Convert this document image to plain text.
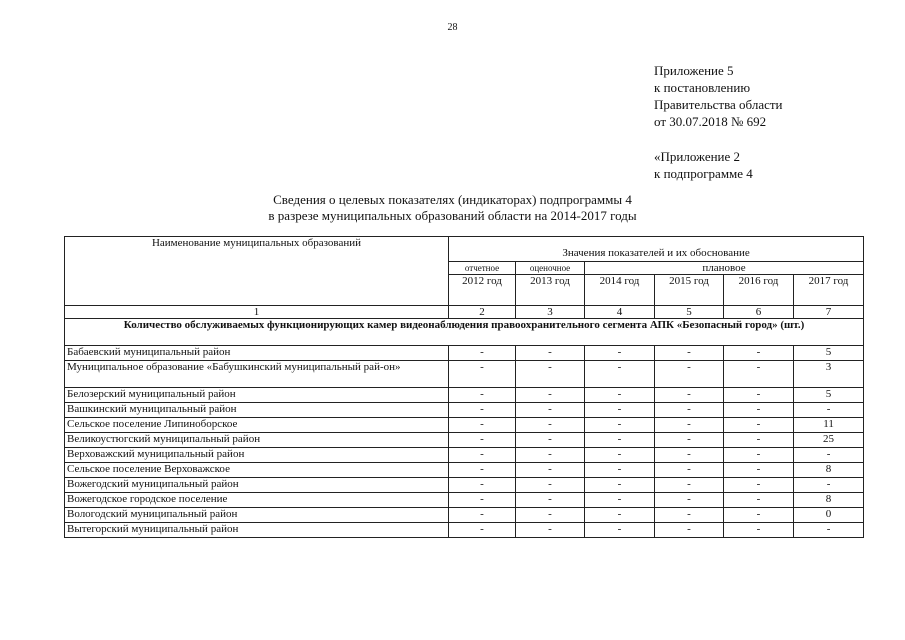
28
Приложение 5
к постановлению
Правительства области
от 30.07.2018 № 692
«Приложение 2
к подпрограмме 4
Сведения о целевых показателях (индикаторах) подпрограммы 4
в разрезе муниципальных образований области на 2014-2017 годы
Наименование муниципальных образований	Значения показателей и их обоснование					
	отчетное	оценочное	плановое			
	2012 год	2013 год	2014 год	2015 год	2016 год	2017 год
1	2	3	4	5	6	7
Количество обслуживаемых функционирующих камер видеонаблюдения правоохранительного сегмента АПК «Безопасный город» (шт.)						
Бабаевский муниципальный район	-	-	-	-	-	5
Муниципальное образование «Бабушкинский муниципальный рай-он»	-	-	-	-	-	3
Белозерский муниципальный район	-	-	-	-	-	5
Вашкинский муниципальный район	-	-	-	-	-	-
Сельское поселение Липиноборское	-	-	-	-	-	11
Великоустюгский муниципальный район	-	-	-	-	-	25
Верховажский муниципальный район	-	-	-	-	-	-
Сельское поселение Верховажское	-	-	-	-	-	8
Вожегодский муниципальный район	-	-	-	-	-	-
Вожегодское городское поселение	-	-	-	-	-	8
Вологодский муниципальный район	-	-	-	-	-	0
Вытегорский муниципальный район	-	-	-	-	-	-
